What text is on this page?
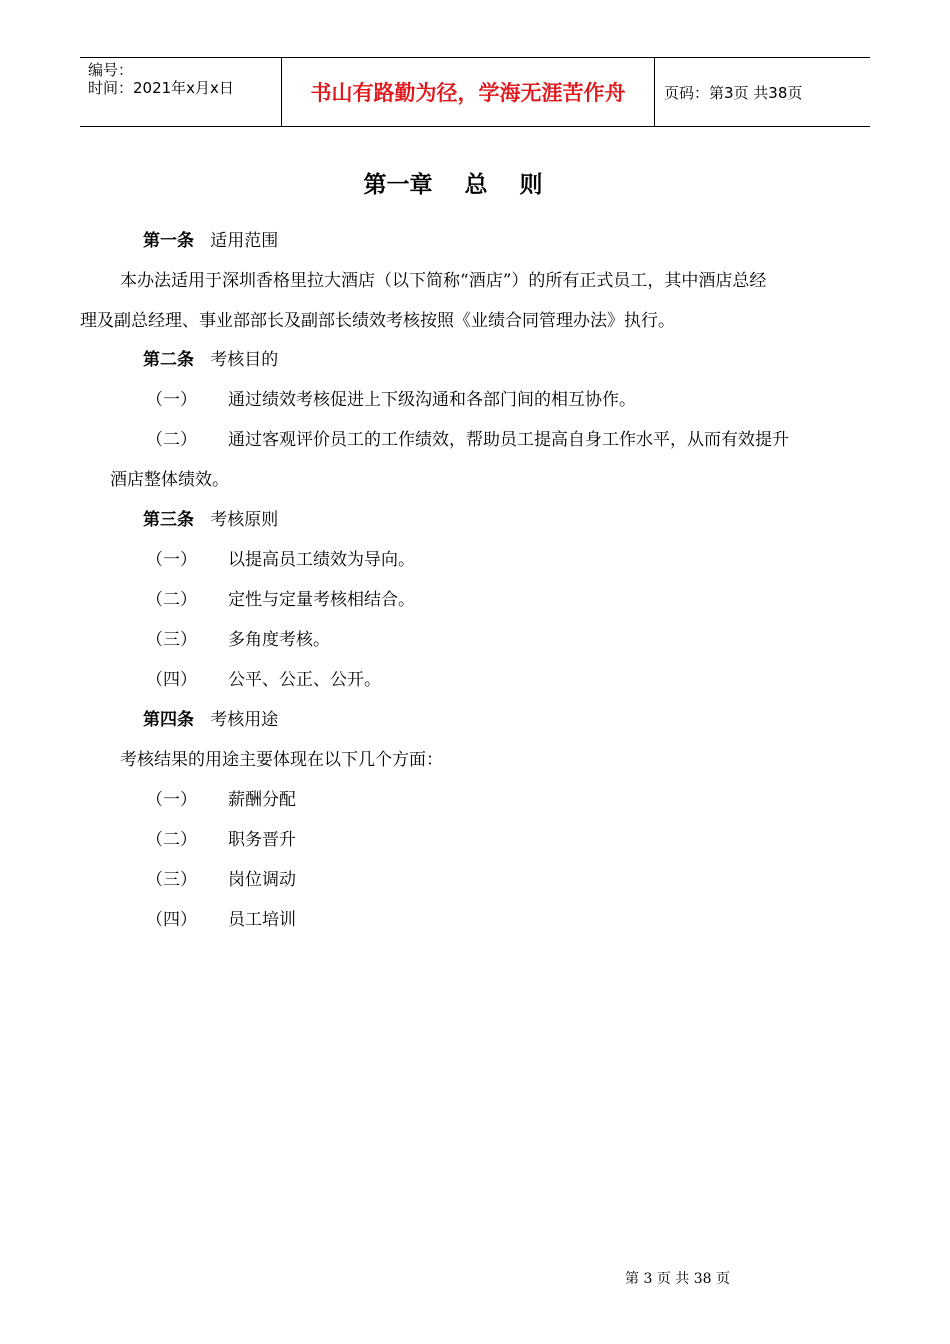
编号：
时间：2021年x月x日	书山有路勤为径，学海无涯苦作舟	页码：第3页 共38页
第一章    总    则
第一条 适用范围
本办法适用于深圳香格里拉大酒店（以下简称“酒店”）的所有正式员工，其中酒店总经
理及副总经理、事业部部长及副部长绩效考核按照《业绩合同管理办法》执行。
第二条 考核目的
（一） 通过绩效考核促进上下级沟通和各部门间的相互协作。
（二） 通过客观评价员工的工作绩效，帮助员工提高自身工作水平，从而有效提升
酒店整体绩效。
第三条 考核原则
（一） 以提高员工绩效为导向。
（二） 定性与定量考核相结合。
（三） 多角度考核。
（四） 公平、公正、公开。
第四条 考核用途
考核结果的用途主要体现在以下几个方面：
（一） 薪酬分配
（二） 职务晋升
（三） 岗位调动
（四） 员工培训
第 3 页 共 38 页
